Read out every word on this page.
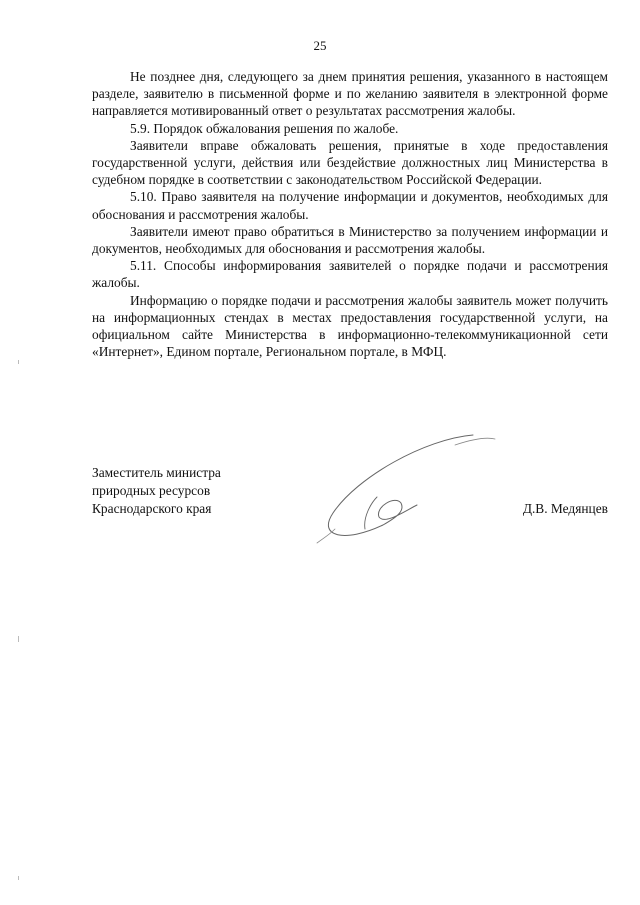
25

Не позднее дня, следующего за днем принятия решения, указанного в настоящем разделе, заявителю в письменной форме и по желанию заявителя в электронной форме направляется мотивированный ответ о результатах рассмотрения жалобы.

5.9. Порядок обжалования решения по жалобе.

Заявители вправе обжаловать решения, принятые в ходе предоставления государственной услуги, действия или бездействие должностных лиц Министерства в судебном порядке в соответствии с законодательством Российской Федерации.

5.10. Право заявителя на получение информации и документов, необходимых для обоснования и рассмотрения жалобы.

Заявители имеют право обратиться в Министерство за получением информации и документов, необходимых для обоснования и рассмотрения жалобы.

5.11. Способы информирования заявителей о порядке подачи и рассмотрения жалобы.

Информацию о порядке подачи и рассмотрения жалобы заявитель может получить на информационных стендах в местах предоставления государственной услуги, на официальном сайте Министерства в информационно-телекоммуникационной сети «Интернет», Едином портале, Региональном портале, в МФЦ.

Заместитель министра
природных ресурсов
Краснодарского края	Д.В. Медянцев
